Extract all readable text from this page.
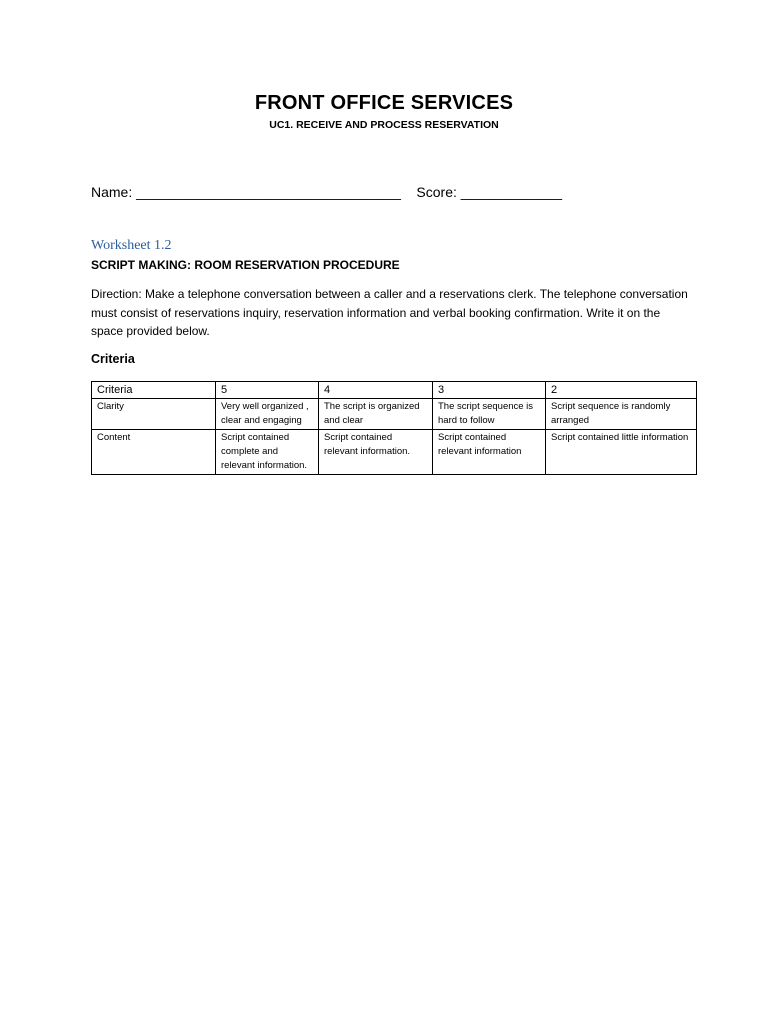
FRONT OFFICE SERVICES
UC1. RECEIVE AND PROCESS RESERVATION
Name: __________________________________    Score: _____________
Worksheet 1.2
SCRIPT MAKING: ROOM RESERVATION PROCEDURE
Direction: Make a telephone conversation between a caller and a reservations clerk. The telephone conversation must consist of reservations inquiry, reservation information and verbal booking confirmation. Write it on the space provided below.
Criteria
Criteria	5	4	3	2
Clarity	Very well organized , clear and engaging	The script is organized and clear	The script sequence is hard to follow	Script sequence is randomly arranged
Content	Script contained complete and relevant information.	Script contained relevant information.	Script contained relevant information	Script contained little information
